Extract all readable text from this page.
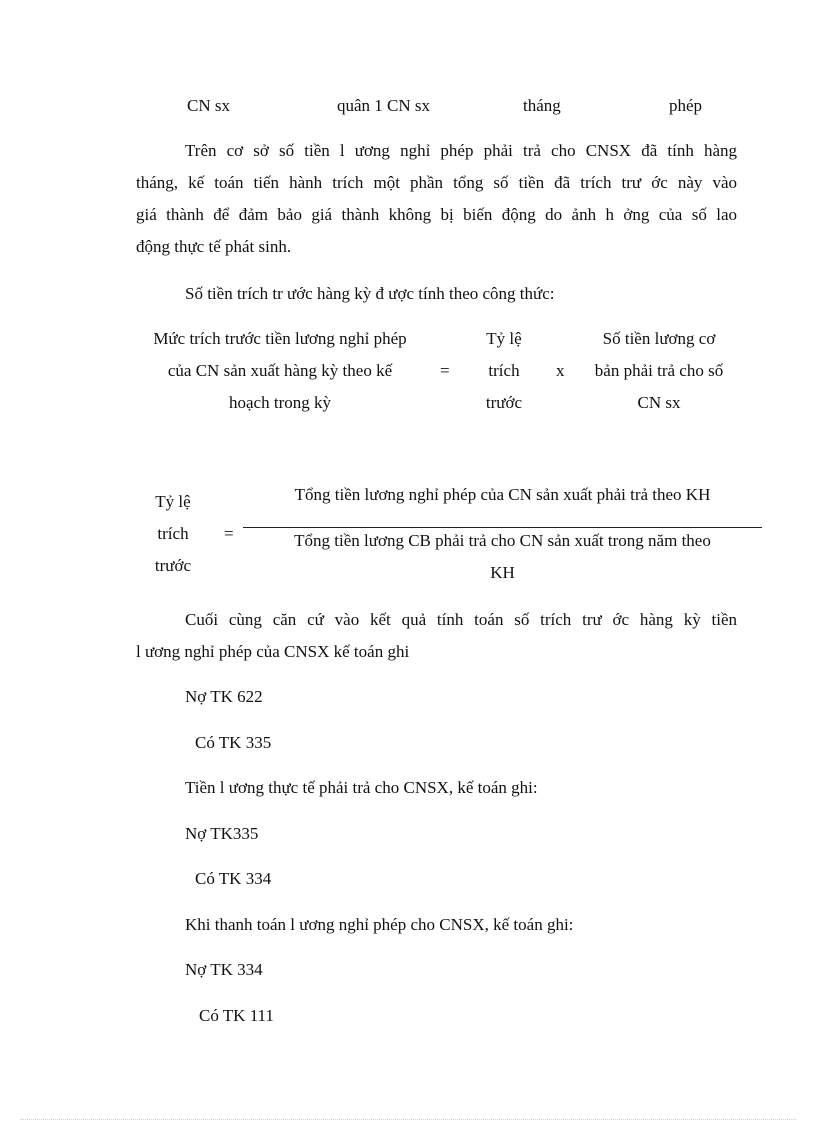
CN sx	quân 1 CN sx	tháng	phép
Trên cơ sở số tiền l ương nghỉ phép phải trả cho CNSX đã tính hàng
tháng, kế toán tiến hành trích một phần tổng số tiền đã trích trư ớc này vào
giá thành để đảm bảo giá thành không bị biến động do ảnh h ởng của số lao
động thực tế phát sinh.
Số tiền trích tr ước hàng kỳ đ ược tính theo công thức:
Mức trích trước tiền lương nghỉ phép
của CN sản xuất hàng kỳ theo kế
hoạch trong kỳ
=
Tỷ lệ
trích
trước
x
Số tiền lương cơ
bản phải trả cho số
CN sx
Tỷ lệ
trích
trước
=
Tổng tiền lương nghỉ phép của CN sản xuất phải trả theo KH
Tổng tiền lương CB phải trả cho CN sản xuất trong năm theo
KH
Cuối cùng căn cứ vào kết quả tính toán số trích trư ớc hàng kỳ tiền
l ương nghỉ phép của CNSX kế toán ghi
Nợ TK 622
Có TK 335
Tiền l ương thực tế phải trả cho CNSX, kế toán ghi:
Nợ TK335
Có TK 334
Khi thanh toán l ương nghỉ phép cho CNSX, kế toán ghi:
Nợ TK 334
Có TK 111
